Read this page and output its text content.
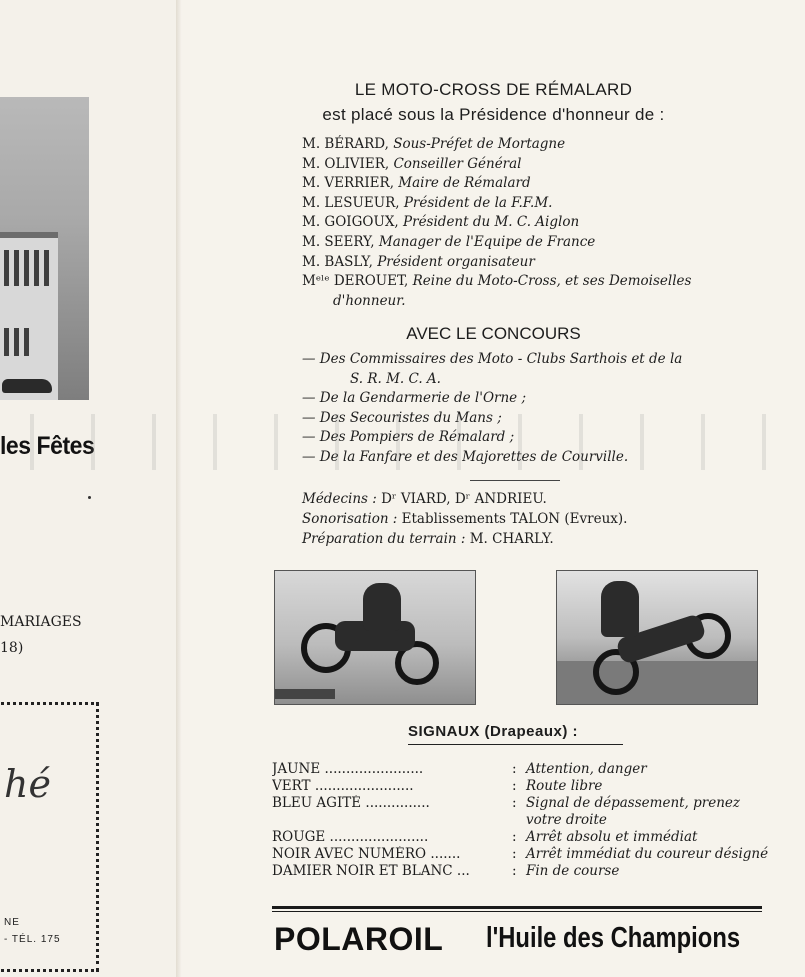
les Fêtes
MARIAGES
18)
hé
NE
- TÉL. 175
LE MOTO-CROSS DE RÉMALARD
est placé sous la Présidence d'honneur de :
M. BÉRARD, Sous-Préfet de Mortagne
M. OLIVIER, Conseiller Général
M. VERRIER, Maire de Rémalard
M. LESUEUR, Président de la F.F.M.
M. GOIGOUX, Président du M. C. Aiglon
M. SEERY, Manager de l'Equipe de France
M. BASLY, Président organisateur
Mᵉˡᵉ DEROUET, Reine du Moto-Cross, et ses Demoiselles
d'honneur.
AVEC LE CONCOURS
— Des Commissaires des Moto - Clubs Sarthois et de la
S. R. M. C. A.
— De la Gendarmerie de l'Orne ;
— Des Secouristes du Mans ;
— Des Pompiers de Rémalard ;
— De la Fanfare et des Majorettes de Courville.
Médecins : Dʳ VIARD, Dʳ ANDRIEU.
Sonorisation : Etablissements TALON (Evreux).
Préparation du terrain : M. CHARLY.
SIGNAUX (Drapeaux) :
JAUNE .......................	: Attention, danger
VERT .......................	: Route libre
BLEU AGITÉ ...............	: Signal de dépassement, prenez votre droite
ROUGE .......................	: Arrêt absolu et immédiat
NOIR AVEC NUMÉRO .......	: Arrêt immédiat du coureur désigné
DAMIER NOIR ET BLANC ...	: Fin de course
POLAROIL l'Huile des Champions
